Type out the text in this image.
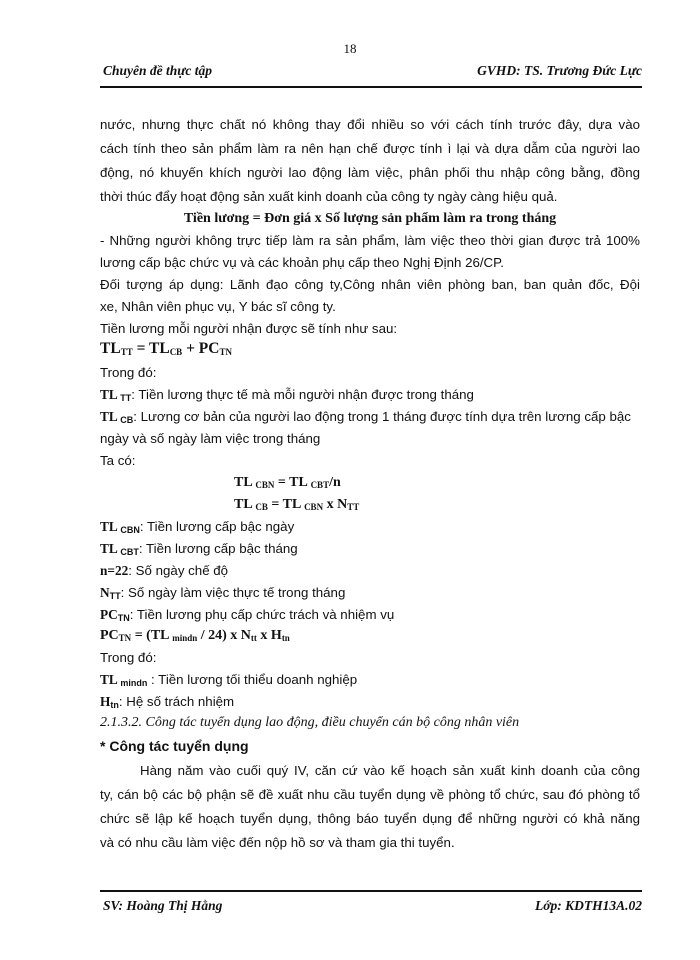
18
Chuyên đề thực tập	GVHD: TS. Trương Đức Lực
nước, nhưng thực chất nó không thay đổi nhiều so với cách tính trước đây, dựa vào
cách tính theo sản phẩm làm ra nên hạn chế được tính ì lại và dựa dẫm của người lao
động, nó khuyến khích người lao động làm việc, phân phối thu nhập công bằng, đồng
thời thúc đẩy hoạt động sản xuất kinh doanh của công ty ngày càng hiệu quả.
Tiền lương = Đơn giá x Số lượng sản phẩm làm ra trong tháng
- Những người không trực tiếp làm ra sản phẩm, làm việc theo thời gian được trả 100%
lương cấp bậc chức vụ và các khoản phụ cấp theo Nghị Định 26/CP.
Đối tượng áp dụng: Lãnh đạo công ty,Công nhân viên phòng ban, ban quản đốc, Đội
xe, Nhân viên phục vụ, Y bác sĩ công ty.
Tiền lương mỗi người nhận được sẽ tính như sau:
$TL_{TT} = TL_{CB} + PC_{TN}$
Trong đó:
TL $_{TT}$: Tiền lương thực tế mà mỗi người nhận được trong tháng
TL $_{CB}$: Lương cơ bản của người lao động trong 1 tháng được tính dựa trên lương cấp bậc
ngày và số ngày làm việc trong tháng
Ta có:
TL $_{CBN}$ = TL $_{CBT}$/n
TL $_{CB}$ = TL $_{CBN}$ x $N_{TT}$
TL $_{CBN}$: Tiền lương cấp bậc ngày
TL $_{CBT}$: Tiền lương cấp bậc tháng
n=22: Số ngày chế độ
$N_{TT}$: Số ngày làm việc thực tế trong tháng
$PC_{TN}$: Tiền lương phụ cấp chức trách và nhiệm vụ
$PC_{TN} = (TL$ $_{mindn}$ / 24) x $N_{tt}$ x $H_{tn}$
Trong đó:
TL $_{mindn}$ : Tiền lương tối thiểu doanh nghiệp
$H_{tn}$: Hệ số trách nhiệm
2.1.3.2. Công tác tuyển dụng lao động, điều chuyển cán bộ công nhân viên
* Công tác tuyển dụng
Hàng năm vào cuối quý IV, căn cứ vào kế hoạch sản xuất kinh doanh của công
ty, cán bộ các bộ phận sẽ đề xuất nhu cầu tuyển dụng về phòng tổ chức, sau đó phòng tổ
chức sẽ lập kế hoạch tuyển dụng, thông báo tuyển dụng để những người có khả năng
và có nhu cầu làm việc đến nộp hồ sơ và tham gia thi tuyển.
SV: Hoàng Thị Hằng	Lớp: KDTH13A.02
